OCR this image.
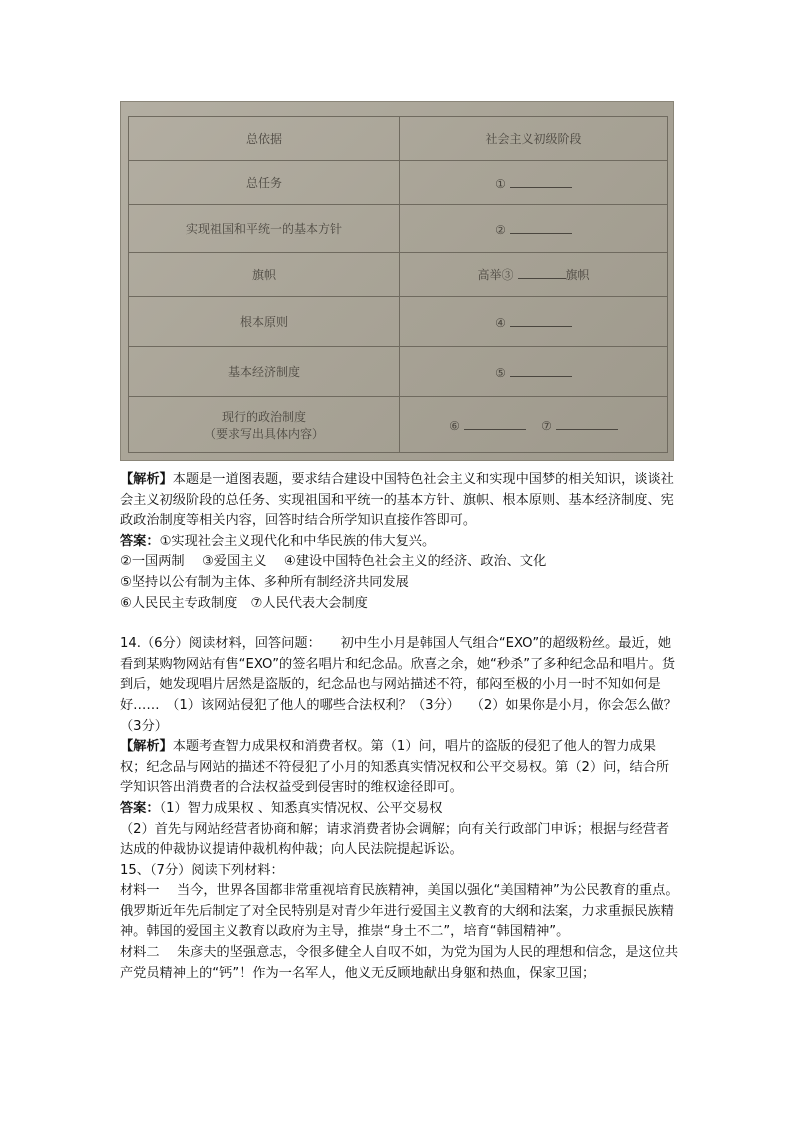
总依据	社会主义初级阶段
总任务	①
实现祖国和平统一的基本方针	②
旗帜	高举③ 旗帜
根本原则	④
基本经济制度	⑤

现行的政治制度
（要求写出具体内容）	⑥ ⑦

【解析】本题是一道图表题，要求结合建设中国特色社会主义和实现中国梦的相关知识，谈谈社会主义初级阶段的总任务、实现祖国和平统一的基本方针、旗帜、根本原则、基本经济制度、宪政政治制度等相关内容，回答时结合所学知识直接作答即可。

答案：①实现社会主义现代化和中华民族的伟大复兴。

②一国两制　 ③爱国主义　 ④建设中国特色社会主义的经济、政治、文化

⑤坚持以公有制为主体、多种所有制经济共同发展

⑥人民民主专政制度　⑦人民代表大会制度

14.（6分）阅读材料，回答问题：　　初中生小月是韩国人气组合“EXO”的超级粉丝。最近，她看到某购物网站有售“EXO”的签名唱片和纪念品。欣喜之余，她“秒杀”了多种纪念品和唱片。货到后，她发现唱片居然是盗版的，纪念品也与网站描述不符，郁闷至极的小月一时不知如何是好……　（1）该网站侵犯了他人的哪些合法权利？（3分）　 （2）如果你是小月，你会怎么做？（3分）

【解析】本题考查智力成果权和消费者权。第（1）问，唱片的盗版的侵犯了他人的智力成果权；纪念品与网站的描述不符侵犯了小月的知悉真实情况权和公平交易权。第（2）问，结合所学知识答出消费者的合法权益受到侵害时的维权途径即可。

答案：（1）智力成果权 、知悉真实情况权、公平交易权

（2）首先与网站经营者协商和解；请求消费者协会调解；向有关行政部门申诉；根据与经营者达成的仲裁协议提请仲裁机构仲裁；向人民法院提起诉讼。

15、（7分）阅读下列材料：

材料一　 当今，世界各国都非常重视培育民族精神，美国以强化“美国精神”为公民教育的重点。俄罗斯近年先后制定了对全民特别是对青少年进行爱国主义教育的大纲和法案，力求重振民族精神。韩国的爱国主义教育以政府为主导，推崇“身土不二”，培育“韩国精神”。

材料二　 朱彦夫的坚强意志，令很多健全人自叹不如，为党为国为人民的理想和信念，是这位共产党员精神上的“钙”！作为一名军人，他义无反顾地献出身躯和热血，保家卫国；
